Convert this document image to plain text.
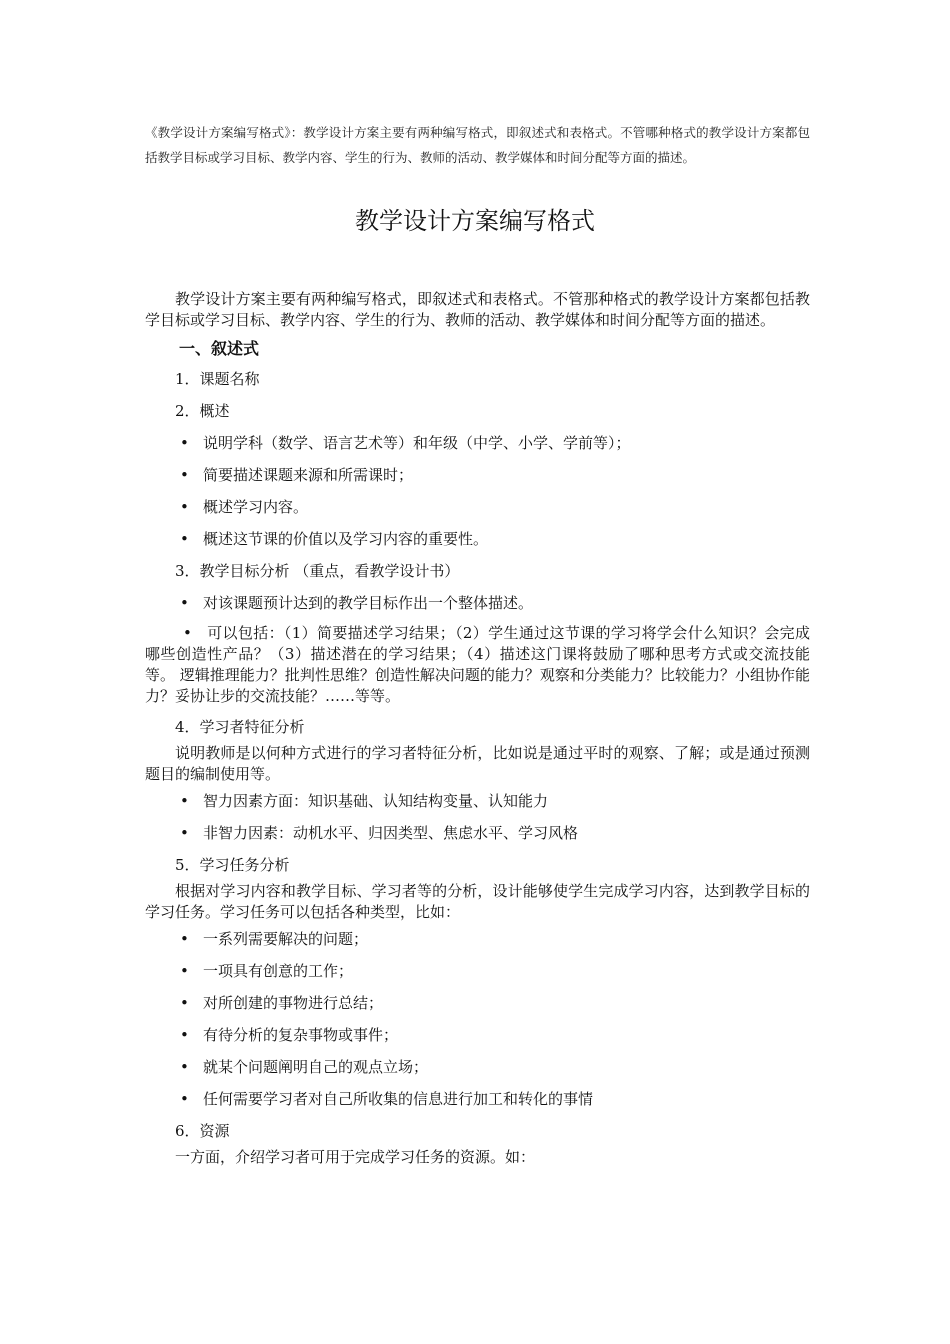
《教学设计方案编写格式》：教学设计方案主要有两种编写格式，即叙述式和表格式。不管哪种格式的教学设计方案都包括教学目标或学习目标、教学内容、学生的行为、教师的活动、教学媒体和时间分配等方面的描述。
教学设计方案编写格式

教学设计方案主要有两种编写格式，即叙述式和表格式。不管那种格式的教学设计方案都包括教学目标或学习目标、教学内容、学生的行为、教师的活动、教学媒体和时间分配等方面的描述。

一、叙述式

1．课题名称

2．概述

• 说明学科（数学、语言艺术等）和年级（中学、小学、学前等）；

• 简要描述课题来源和所需课时；

• 概述学习内容。

• 概述这节课的价值以及学习内容的重要性。

3．教学目标分析 （重点，看教学设计书）

• 对该课题预计达到的教学目标作出一个整体描述。

• 可以包括：（1）简要描述学习结果；（2）学生通过这节课的学习将学会什么知识？会完成哪些创造性产品？（3）描述潜在的学习结果；（4）描述这门课将鼓励了哪种思考方式或交流技能等。 逻辑推理能力？批判性思维？创造性解决问题的能力？观察和分类能力？比较能力？小组协作能力？妥协让步的交流技能？……等等。

4．学习者特征分析

说明教师是以何种方式进行的学习者特征分析，比如说是通过平时的观察、了解；或是通过预测题目的编制使用等。

• 智力因素方面：知识基础、认知结构变量、认知能力

• 非智力因素：动机水平、归因类型、焦虑水平、学习风格

5．学习任务分析

根据对学习内容和教学目标、学习者等的分析，设计能够使学生完成学习内容，达到教学目标的学习任务。学习任务可以包括各种类型，比如：

• 一系列需要解决的问题；

• 一项具有创意的工作；

• 对所创建的事物进行总结；

• 有待分析的复杂事物或事件；

• 就某个问题阐明自己的观点立场；

• 任何需要学习者对自己所收集的信息进行加工和转化的事情

6．资源

一方面，介绍学习者可用于完成学习任务的资源。如：
